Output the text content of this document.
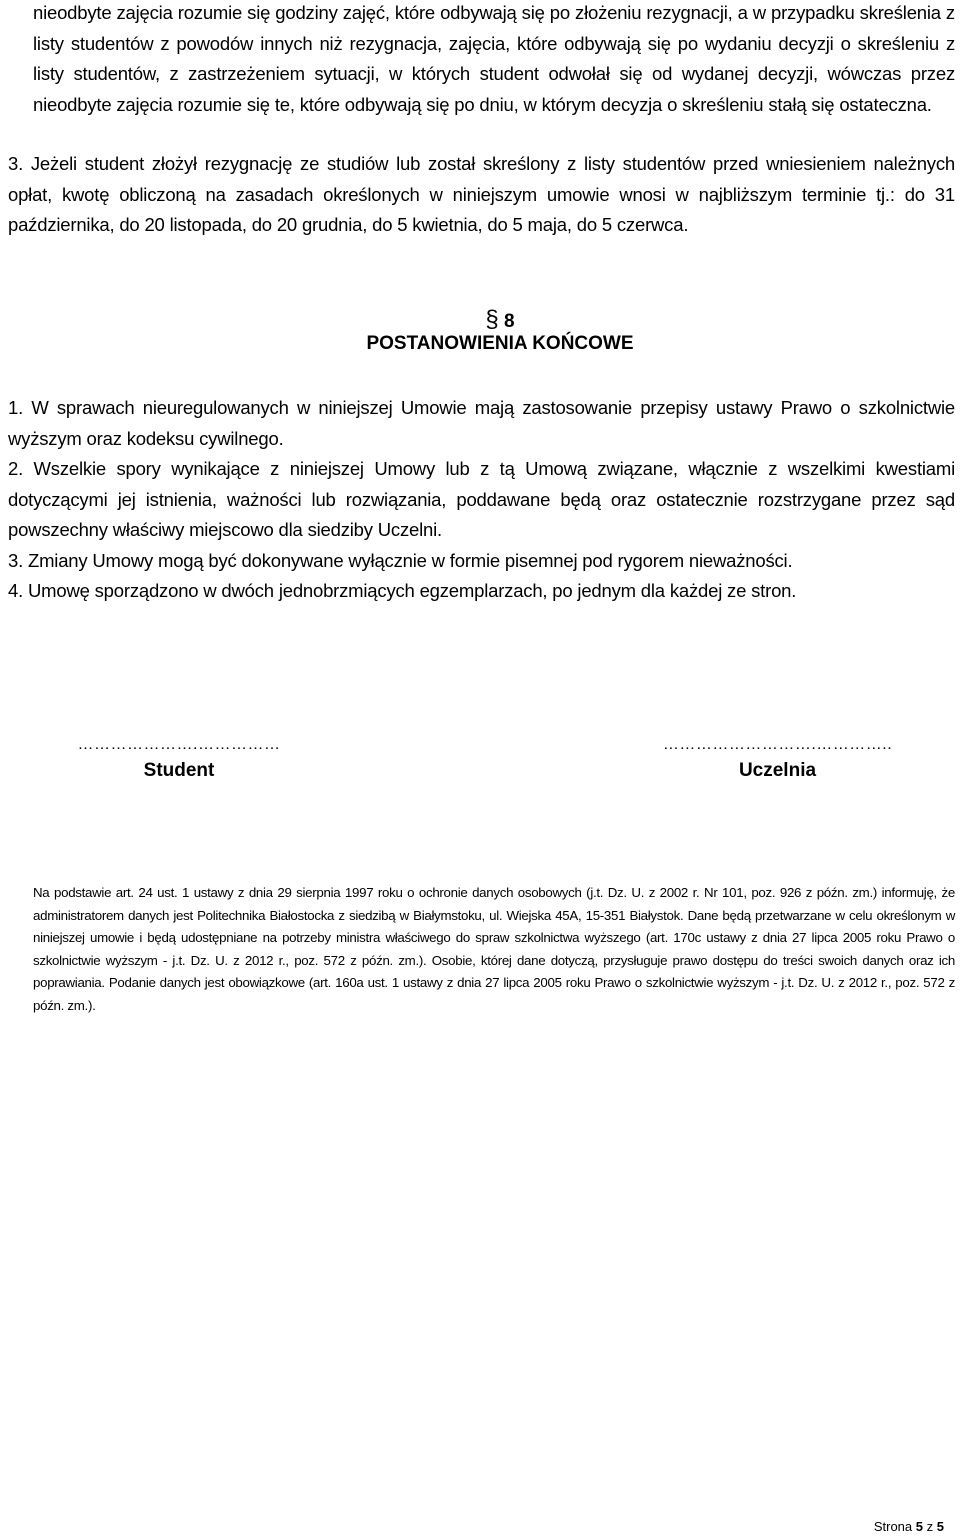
nieodbyte zajęcia rozumie się godziny zajęć, które odbywają się po złożeniu rezygnacji, a w przypadku skreślenia z listy studentów z powodów innych niż rezygnacja, zajęcia, które odbywają się po wydaniu decyzji o skreśleniu z listy studentów, z zastrzeżeniem sytuacji, w których student odwołał się od wydanej decyzji, wówczas przez nieodbyte zajęcia rozumie się te, które odbywają się po dniu, w którym decyzja o skreśleniu stałą się ostateczna.
3. Jeżeli student złożył rezygnację ze studiów lub został skreślony z listy studentów przed wniesieniem należnych opłat, kwotę obliczoną na zasadach określonych w niniejszym umowie wnosi w najbliższym terminie tj.: do 31 października, do 20 listopada, do 20 grudnia, do 5 kwietnia, do 5 maja, do 5 czerwca.
§ 8
POSTANOWIENIA KOŃCOWE
1. W sprawach nieuregulowanych w niniejszej Umowie mają zastosowanie przepisy ustawy Prawo o szkolnictwie wyższym oraz kodeksu cywilnego.
2. Wszelkie spory wynikające z niniejszej Umowy lub z tą Umową związane, włącznie z wszelkimi kwestiami dotyczącymi jej istnienia, ważności lub rozwiązania, poddawane będą oraz ostatecznie rozstrzygane przez sąd powszechny właściwy miejscowo dla siedziby Uczelni.
3. Zmiany Umowy mogą być dokonywane wyłącznie w formie pisemnej pod rygorem nieważności.
4. Umowę sporządzono w dwóch jednobrzmiących egzemplarzach, po jednym dla każdej ze stron.
………………….……………
Student
……………………….…………..
Uczelnia
Na podstawie art. 24 ust. 1 ustawy z dnia 29 sierpnia 1997 roku o ochronie danych osobowych (j.t. Dz. U. z 2002 r. Nr 101, poz. 926 z późn. zm.) informuję, że administratorem danych jest Politechnika Białostocka z siedzibą w Białymstoku, ul. Wiejska 45A, 15-351 Białystok. Dane będą przetwarzane w celu określonym w niniejszej umowie i będą udostępniane na potrzeby ministra właściwego do spraw szkolnictwa wyższego (art. 170c ustawy z dnia 27 lipca 2005 roku Prawo o szkolnictwie wyższym - j.t. Dz. U. z 2012 r., poz. 572 z późn. zm.). Osobie, której dane dotyczą, przysługuje prawo dostępu do treści swoich danych oraz ich poprawiania. Podanie danych jest obowiązkowe (art. 160a ust. 1 ustawy z dnia 27 lipca 2005 roku Prawo o szkolnictwie wyższym - j.t. Dz. U. z 2012 r., poz. 572 z późn. zm.).
Strona 5 z 5
